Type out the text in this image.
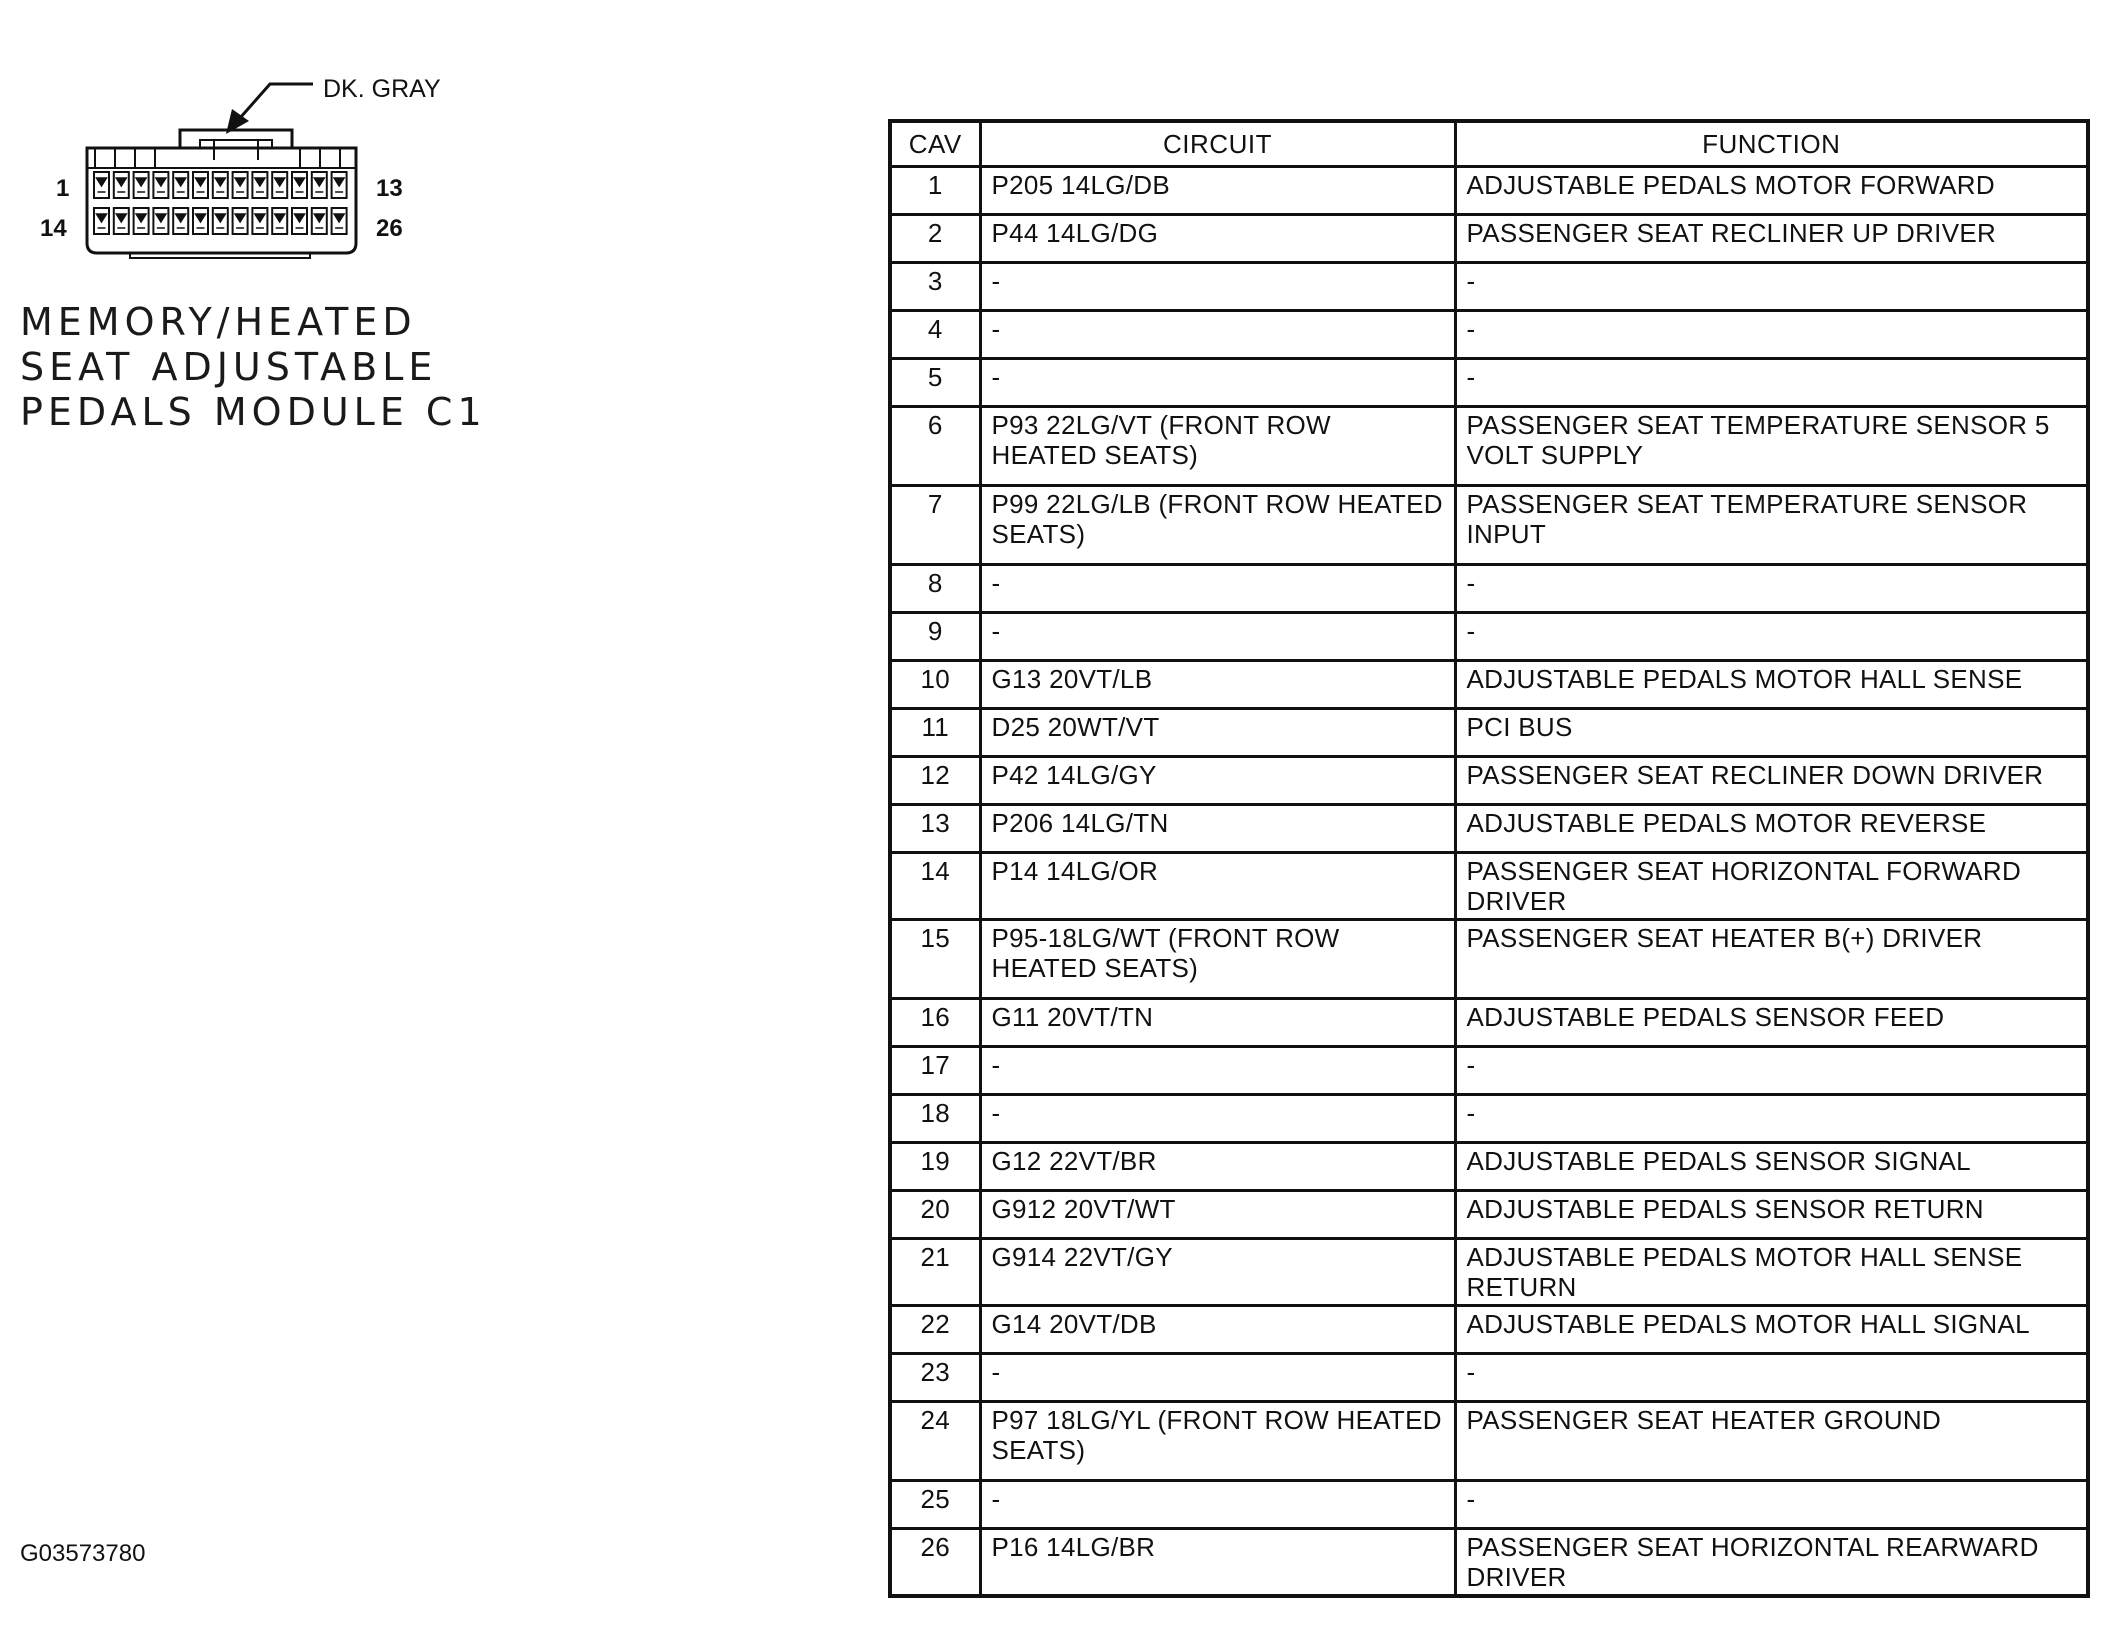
DK. GRAY
1	13
14	26
MEMORY/HEATED
SEAT ADJUSTABLE
PEDALS MODULE C1
CAV	CIRCUIT	FUNCTION
1	P205 14LG/DB	ADJUSTABLE PEDALS MOTOR FORWARD
2	P44 14LG/DG	PASSENGER SEAT RECLINER UP DRIVER
3	-	-
4	-	-
5	-	-
6	P93 22LG/VT (FRONT ROW HEATED SEATS)	PASSENGER SEAT TEMPERATURE SENSOR 5 VOLT SUPPLY
7	P99 22LG/LB (FRONT ROW HEATED SEATS)	PASSENGER SEAT TEMPERATURE SENSOR INPUT
8	-	-
9	-	-
10	G13 20VT/LB	ADJUSTABLE PEDALS MOTOR HALL SENSE
11	D25 20WT/VT	PCI BUS
12	P42 14LG/GY	PASSENGER SEAT RECLINER DOWN DRIVER
13	P206 14LG/TN	ADJUSTABLE PEDALS MOTOR REVERSE
14	P14 14LG/OR	PASSENGER SEAT HORIZONTAL FORWARD DRIVER
15	P95-18LG/WT (FRONT ROW HEATED SEATS)	PASSENGER SEAT HEATER B(+) DRIVER
16	G11 20VT/TN	ADJUSTABLE PEDALS SENSOR FEED
17	-	-
18	-	-
19	G12 22VT/BR	ADJUSTABLE PEDALS SENSOR SIGNAL
20	G912 20VT/WT	ADJUSTABLE PEDALS SENSOR RETURN
21	G914 22VT/GY	ADJUSTABLE PEDALS MOTOR HALL SENSE RETURN
22	G14 20VT/DB	ADJUSTABLE PEDALS MOTOR HALL SIGNAL
23	-	-
24	P97 18LG/YL (FRONT ROW HEATED SEATS)	PASSENGER SEAT HEATER GROUND
25	-	-
26	P16 14LG/BR	PASSENGER SEAT HORIZONTAL REARWARD DRIVER
G03573780
